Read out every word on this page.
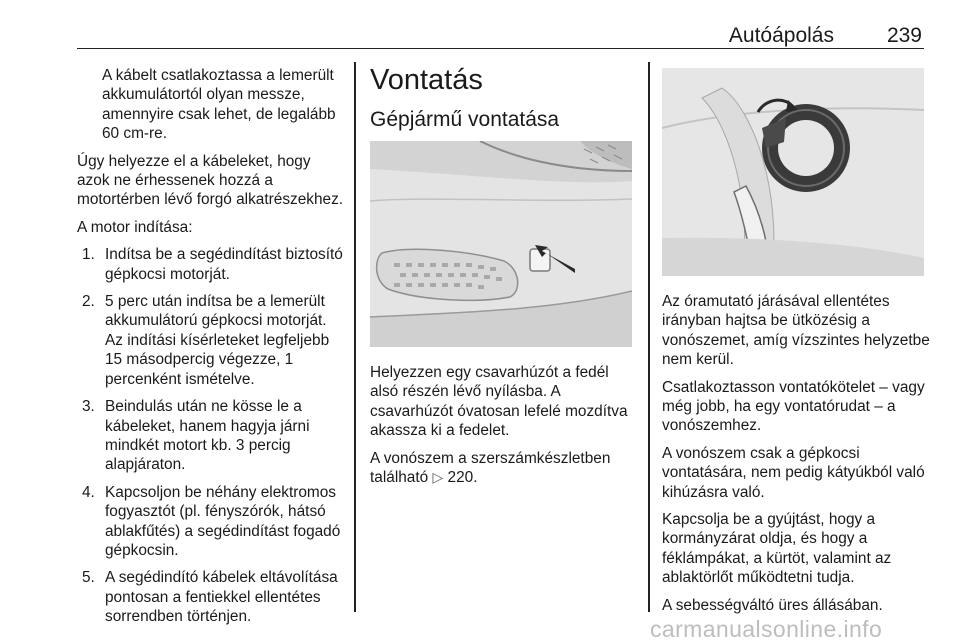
Autóápolás	239

A kábelt csatlakoztassa a lemerült akkumulátortól olyan messze, amennyire csak lehet, de legalább 60 cm-re.

Úgy helyezze el a kábeleket, hogy azok ne érhessenek hozzá a motortérben lévő forgó alkatrészekhez.

A motor indítása:

1. Indítsa be a segédindítást biztosító gépkocsi motorját.
2. 5 perc után indítsa be a lemerült akkumulátorú gépkocsi motorját. Az indítási kísérleteket legfeljebb 15 másodpercig végezze, 1 percenként ismételve.
3. Beindulás után ne kösse le a kábeleket, hanem hagyja járni mindkét motort kb. 3 percig alapjáraton.
4. Kapcsoljon be néhány elektromos fogyasztót (pl. fényszórók, hátsó ablakfűtés) a segédindítást fogadó gépkocsin.
5. A segédindító kábelek eltávolítása pontosan a fentiekkel ellentétes sorrendben történjen.
Vontatás
Gépjármű vontatása

Helyezzen egy csavarhúzót a fedél alsó részén lévő nyílásba. A csavarhúzót óvatosan lefelé mozdítva akassza ki a fedelet.

A vonószem a szerszámkészletben található ▷ 220.

Az óramutató járásával ellentétes irányban hajtsa be ütközésig a vonószemet, amíg vízszintes helyzetbe nem kerül.

Csatlakoztasson vontatókötelet – vagy még jobb, ha egy vontatórudat – a vonószemhez.

A vonószem csak a gépkocsi vontatására, nem pedig kátyúkból való kihúzásra való.

Kapcsolja be a gyújtást, hogy a kormányzárat oldja, és hogy a féklámpákat, a kürtöt, valamint az ablaktörlőt működtetni tudja.

A sebességváltó üres állásában.

carmanualsonline.info
